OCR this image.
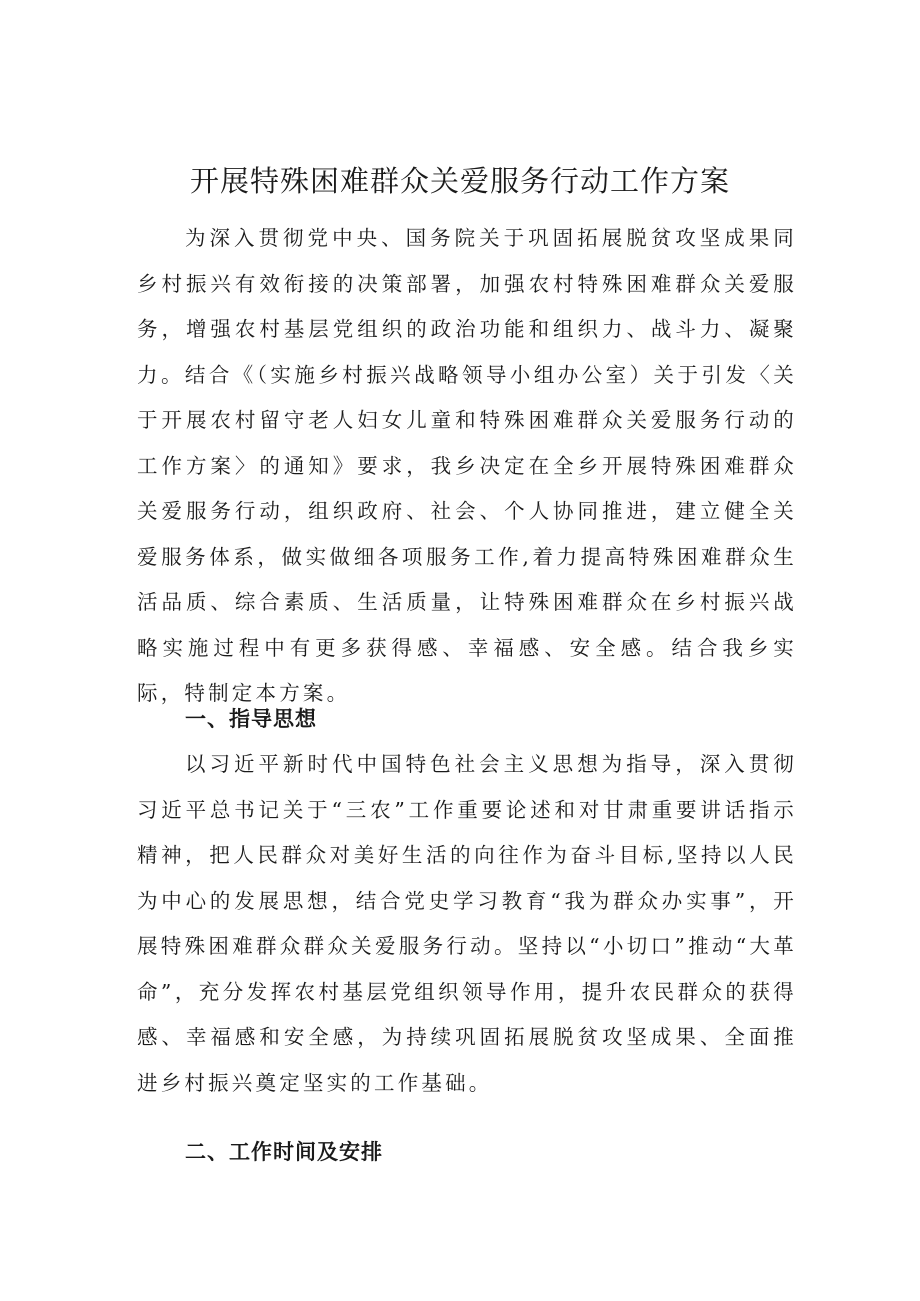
开展特殊困难群众关爱服务行动工作方案

为深入贯彻党中央、国务院关于巩固拓展脱贫攻坚成果同乡村振兴有效衔接的决策部署，加强农村特殊困难群众关爱服务，增强农村基层党组织的政治功能和组织力、战斗力、凝聚力。结合《（实施乡村振兴战略领导小组办公室）关于引发〈关于开展农村留守老人妇女儿童和特殊困难群众关爱服务行动的工作方案〉的通知》要求，我乡决定在全乡开展特殊困难群众关爱服务行动，组织政府、社会、个人协同推进，建立健全关爱服务体系，做实做细各项服务工作,着力提高特殊困难群众生活品质、综合素质、生活质量，让特殊困难群众在乡村振兴战略实施过程中有更多获得感、幸福感、安全感。结合我乡实际，特制定本方案。

一、指导思想

以习近平新时代中国特色社会主义思想为指导，深入贯彻习近平总书记关于“三农”工作重要论述和对甘肃重要讲话指示精神，把人民群众对美好生活的向往作为奋斗目标,坚持以人民为中心的发展思想，结合党史学习教育“我为群众办实事”，开展特殊困难群众群众关爱服务行动。坚持以“小切口”推动“大革命”，充分发挥农村基层党组织领导作用，提升农民群众的获得感、幸福感和安全感，为持续巩固拓展脱贫攻坚成果、全面推进乡村振兴奠定坚实的工作基础。

二、工作时间及安排
